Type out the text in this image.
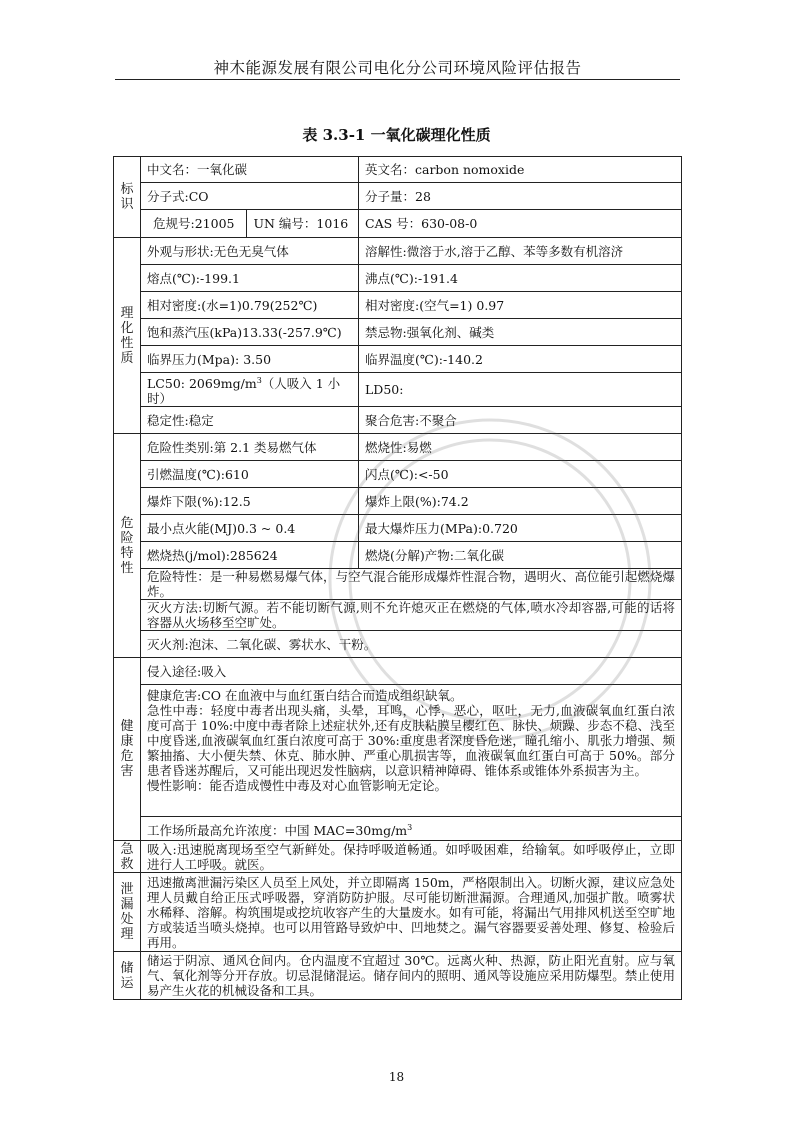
神木能源发展有限公司电化分公司环境风险评估报告
表 3.3-1 一氧化碳理化性质
标识	中文名：一氧化碳	英文名：carbon nomoxide
	分子式:CO	分子量：28

	危规号:21005 UN 编号：1016	CAS 号：630-08-0
理化性质	外观与形状:无色无臭气体	溶解性:微溶于水,溶于乙醇、苯等多数有机溶济
	熔点(℃):-199.1	沸点(℃):-191.4
	相对密度:(水=1)0.79(252℃)	相对密度:(空气=1) 0.97
	饱和蒸汽压(kPa)13.33(-257.9℃)	禁忌物:强氧化剂、碱类
	临界压力(Mpa): 3.50	临界温度(℃):-140.2
	LC50: $2069mg/m^3$（人吸入 1 小时）	LD50:
	稳定性:稳定	聚合危害:不聚合
危险特性	危险性类别:第 2.1 类易燃气体	燃烧性:易燃
	引燃温度(℃):610	闪点(℃):<-50
	爆炸下限(%):12.5	爆炸上限(%):74.2
	最小点火能(MJ)0.3 ~ 0.4	最大爆炸压力(MPa):0.720
	燃烧热(j/mol):285624	燃烧(分解)产物:二氧化碳
	危险特性：是一种易燃易爆气体，与空气混合能形成爆炸性混合物，遇明火、高位能引起燃烧爆炸。	
	灭火方法:切断气源。若不能切断气源,则不允许熄灭正在燃烧的气体,喷水冷却容器,可能的话将容器从火场移至空旷处。	
	灭火剂:泡沫、二氧化碳、雾状水、干粉。	
健康危害	侵入途径:吸入	

	健康危害:CO 在血液中与血红蛋白结合而造成组织缺氧。
急性中毒：轻度中毒者出现头痛，头晕，耳鸣，心悸，恶心，呕吐，无力,血液碳氧血红蛋白浓度可高于 10%:中度中毒者除上述症状外,还有皮肤粘膜呈樱红色、脉快、烦躁、步态不稳、浅至中度昏迷,血液碳氧血红蛋白浓度可高于 30%:重度患者深度昏危迷，瞳孔缩小、肌张力增强、频繁抽搐、大小便失禁、休克、肺水肿、严重心肌损害等，血液碳氧血红蛋白可高于 50%。部分患者昏迷苏醒后，又可能出现迟发性脑病，以意识精神障碍、锥体系或锥体外系损害为主。
慢性影响：能否造成慢性中毒及对心血管影响无定论。	

	工作场所最高允许浓度：中国 $MAC=30mg/m^3$
急救	吸入:迅速脱离现场至空气新鲜处。保持呼吸道畅通。如呼吸困难，给输氧。如呼吸停止，立即进行人工呼吸。就医。	
泄漏处理	迅速撤离泄漏污染区人员至上风处，并立即隔离 150m，严格限制出入。切断火源，建议应急处理人员戴自给正压式呼吸器，穿消防防护服。尽可能切断泄漏源。合理通风,加强扩散。喷雾状水稀释、溶解。构筑围堤或挖坑收容产生的大量废水。如有可能，将漏出气用排风机送至空旷地方或装适当喷头烧掉。也可以用管路导致炉中、凹地焚之。漏气容器要妥善处理、修复、检验后再用。	
储运	储运于阴凉、通风仓间内。仓内温度不宜超过 30℃。远离火种、热源，防止阳光直射。应与氧气、氧化剂等分开存放。切忌混储混运。储存间内的照明、通风等设施应采用防爆型。禁止使用易产生火花的机械设备和工具。	
18
